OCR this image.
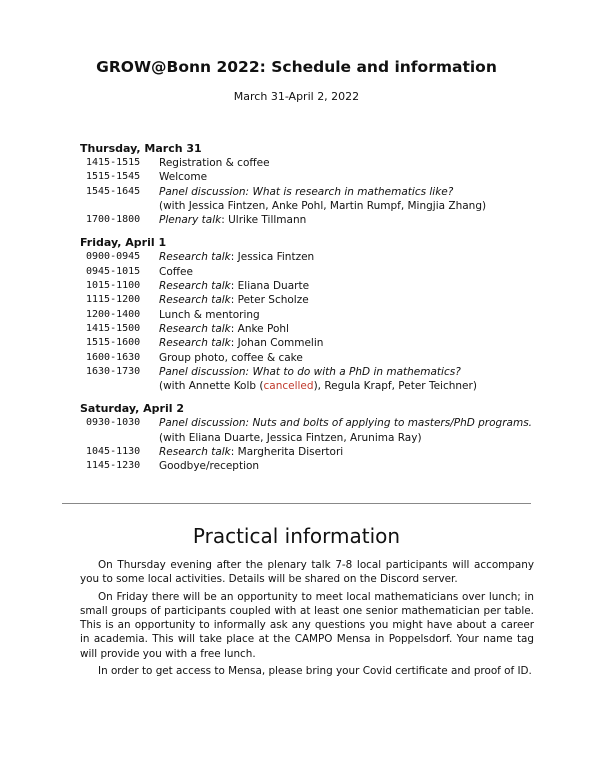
GROW@Bonn 2022: Schedule and information
March 31-April 2, 2022
Thursday, March 31
1415-1515	Registration & coffee
1515-1545	Welcome
1545-1645	Panel discussion: What is research in mathematics like?
(with Jessica Fintzen, Anke Pohl, Martin Rumpf, Mingjia Zhang)
1700-1800	Plenary talk: Ulrike Tillmann
Friday, April 1
0900-0945	Research talk: Jessica Fintzen
0945-1015	Coffee
1015-1100	Research talk: Eliana Duarte
1115-1200	Research talk: Peter Scholze
1200-1400	Lunch & mentoring
1415-1500	Research talk: Anke Pohl
1515-1600	Research talk: Johan Commelin
1600-1630	Group photo, coffee & cake
1630-1730	Panel discussion: What to do with a PhD in mathematics?
(with Annette Kolb (cancelled), Regula Krapf, Peter Teichner)
Saturday, April 2
0930-1030	Panel discussion: Nuts and bolts of applying to masters/PhD programs.
(with Eliana Duarte, Jessica Fintzen, Arunima Ray)
1045-1130	Research talk: Margherita Disertori
1145-1230	Goodbye/reception
Practical information

On Thursday evening after the plenary talk 7-8 local participants will accompany you to some local activities. Details will be shared on the Discord server.

On Friday there will be an opportunity to meet local mathematicians over lunch; in small groups of participants coupled with at least one senior mathematician per table. This is an opportunity to informally ask any questions you might have about a career in academia. This will take place at the CAMPO Mensa in Poppelsdorf. Your name tag will provide you with a free lunch.

In order to get access to Mensa, please bring your Covid certificate and proof of ID.
